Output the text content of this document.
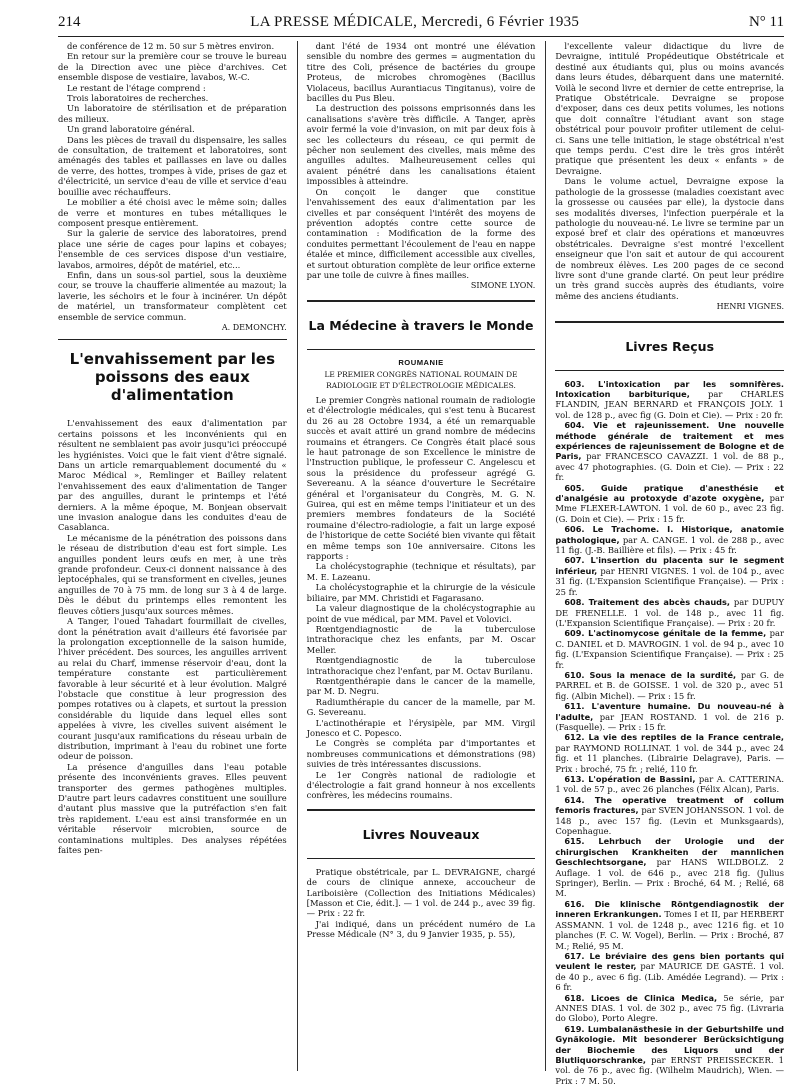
214	LA PRESSE MÉDICALE, Mercredi, 6 Février 1935	N° 11

de conférence de 12 m. 50 sur 5 mètres environ.

En retour sur la première cour se trouve le bureau de la Direction avec une pièce d'archives. Cet ensemble dispose de vestiaire, lavabos, W.-C.

Le restant de l'étage comprend :

Trois laboratoires de recherches.

Un laboratoire de stérilisation et de préparation des milieux.

Un grand laboratoire général.

Dans les pièces de travail du dispensaire, les salles de consultation, de traitement et laboratoires, sont aménagés des tables et paillasses en lave ou dalles de verre, des hottes, trompes à vide, prises de gaz et d'électricité, un service d'eau de ville et service d'eau bouillie avec réchauffeurs.

Le mobilier a été choisi avec le même soin; dalles de verre et montures en tubes métalliques le composent presque entièrement.

Sur la galerie de service des laboratoires, prend place une série de cages pour lapins et cobayes; l'ensemble de ces services dispose d'un vestiaire, lavabos, armoires, dépôt de matériel, etc...

Enfin, dans un sous-sol partiel, sous la deuxième cour, se trouve la chaufferie alimentée au mazout; la laverie, les séchoirs et le four à incinérer. Un dépôt de matériel, un transformateur complètent cet ensemble de service commun.

A. DEMONCHY.
L'envahissement par les poissons des eaux d'alimentation

L'envahissement des eaux d'alimentation par certains poissons et les inconvénients qui en résultent ne semblaient pas avoir jusqu'ici préoccupé les hygiénistes. Voici que le fait vient d'être signalé. Dans un article remarquablement documenté du « Maroc Médical », Remlinger et Bailley relatent l'envahissement des eaux d'alimentation de Tanger par des anguilles, durant le printemps et l'été derniers. A la même époque, M. Bonjean observait une invasion analogue dans les conduites d'eau de Casablanca.

Le mécanisme de la pénétration des poissons dans le réseau de distribution d'eau est fort simple. Les anguilles pondent leurs œufs en mer, à une très grande profondeur. Ceux-ci donnent naissance à des leptocéphales, qui se transforment en civelles, jeunes anguilles de 70 à 75 mm. de long sur 3 à 4 de large. Dès le début du printemps elles remontent les fleuves côtiers jusqu'aux sources mêmes.

A Tanger, l'oued Tahadart fourmillait de civelles, dont la pénétration avait d'ailleurs été favorisée par la prolongation exceptionnelle de la saison humide, l'hiver précédent. Des sources, les anguilles arrivent au relai du Charf, immense réservoir d'eau, dont la température constante est particulièrement favorable à leur sécurité et à leur évolution. Malgré l'obstacle que constitue à leur progression des pompes rotatives ou à clapets, et surtout la pression considérable du liquide dans lequel elles sont appelées à vivre, les civelles suivent aisément le courant jusqu'aux ramifications du réseau urbain de distribution, imprimant à l'eau du robinet une forte odeur de poisson.

La présence d'anguilles dans l'eau potable présente des inconvénients graves. Elles peuvent transporter des germes pathogènes multiples. D'autre part leurs cadavres constituent une souillure d'autant plus massive que la putréfaction s'en fait très rapidement. L'eau est ainsi transformée en un véritable réservoir microbien, source de contaminations multiples. Des analyses répétées faites pen-

dant l'été de 1934 ont montré une élévation sensible du nombre des germes = augmentation du titre des Coli, présence de bactéries du groupe Proteus, de microbes chromogènes (Bacillus Violaceus, bacillus Aurantiacus Tingitanus), voire de bacilles du Pus Bleu.

La destruction des poissons emprisonnés dans les canalisations s'avère très difficile. A Tanger, après avoir fermé la voie d'invasion, on mit par deux fois à sec les collecteurs du réseau, ce qui permit de pêcher non seulement des civelles, mais même des anguilles adultes. Malheureusement celles qui avaient pénétré dans les canalisations étaient impossibles à atteindre.

On conçoit le danger que constitue l'envahissement des eaux d'alimentation par les civelles et par conséquent l'intérêt des moyens de prévention adoptés contre cette source de contamination : Modification de la forme des conduites permettant l'écoulement de l'eau en nappe étalée et mince, difficilement accessible aux civelles, et surtout obturation complète de leur orifice externe par une toile de cuivre à fines mailles.

SIMONE LYON.
La Médecine à travers le Monde
ROUMANIE
LE PREMIER CONGRÈS NATIONAL ROUMAIN DE RADIOLOGIE ET D'ÉLECTROLOGIE MÉDICALES.

Le premier Congrès national roumain de radiologie et d'électrologie médicales, qui s'est tenu à Bucarest du 26 au 28 Octobre 1934, a été un remarquable succès et avait attiré un grand nombre de médecins roumains et étrangers. Ce Congrès était placé sous le haut patronage de son Excellence le ministre de l'Instruction publique, le professeur C. Angelescu et sous la présidence du professeur agrégé G. Severeanu. A la séance d'ouverture le Secrétaire général et l'organisateur du Congrès, M. G. N. Guirea, qui est en même temps l'initiateur et un des premiers membres fondateurs de la Société roumaine d'électro-radiologie, a fait un large exposé de l'historique de cette Société bien vivante qui fêtait en même temps son 10e anniversaire. Citons les rapports :

La cholécystographie (technique et résultats), par M. E. Lazeanu.

La cholécystographie et la chirurgie de la vésicule biliaire, par MM. Christidi et Fagarasano.

La valeur diagnostique de la cholécystographie au point de vue médical, par MM. Pavel et Volovici.

Rœntgendiagnostic de la tuberculose intrathoracique chez les enfants, par M. Oscar Meller.

Rœntgendiagnostic de la tuberculose intrathoracique chez l'enfant, par M. Octav Burilanu.

Rœntgenthérapie dans le cancer de la mamelle, par M. D. Negru.

Radiumthérapie du cancer de la mamelle, par M. G. Severeanu.

L'actinothérapie et l'érysipèle, par MM. Virgil Jonesco et C. Popesco.

Le Congrès se compléta par d'importantes et nombreuses communications et démonstrations (98) suivies de très intéressantes discussions.

Le 1er Congrès national de radiologie et d'électrologie a fait grand honneur à nos excellents confrères, les médecins roumains.

Livres Nouveaux

Pratique obstétricale, par L. DEVRAIGNE, chargé de cours de clinique annexe, accoucheur de Lariboisière (Collection des Initiations Médicales) [Masson et Cie, édit.]. — 1 vol. de 244 p., avec 39 fig. — Prix : 22 fr.

J'ai indiqué, dans un précédent numéro de La Presse Médicale (N° 3, du 9 Janvier 1935, p. 55),

l'excellente valeur didactique du livre de Devraigne, intitulé Propédeutique Obstétricale et destiné aux étudiants qui, plus ou moins avancés dans leurs études, débarquent dans une maternité. Voilà le second livre et dernier de cette entreprise, la Pratique Obstétricale. Devraigne se propose d'exposer, dans ces deux petits volumes, les notions que doit connaître l'étudiant avant son stage obstétrical pour pouvoir profiter utilement de celui-ci. Sans une telle initiation, le stage obstétrical n'est que temps perdu. C'est dire le très gros intérêt pratique que présentent les deux « enfants » de Devraigne.

Dans le volume actuel, Devraigne expose la pathologie de la grossesse (maladies coexistant avec la grossesse ou causées par elle), la dystocie dans ses modalités diverses, l'infection puerpérale et la pathologie du nouveau-né. Le livre se termine par un exposé bref et clair des opérations et manœuvres obstétricales. Devraigne s'est montré l'excellent enseigneur que l'on sait et autour de qui accourent de nombreux élèves. Les 200 pages de ce second livre sont d'une grande clarté. On peut leur prédire un très grand succès auprès des étudiants, voire même des anciens étudiants.

HENRI VIGNES.
Livres Reçus

603. L'intoxication par les somnifères. Intoxication barbiturique, par CHARLES FLANDIN, JEAN BERNARD et FRANÇOIS JOLY. 1 vol. de 128 p., avec fig (G. Doin et Cie). — Prix : 20 fr.

604. Vie et rajeunissement. Une nouvelle méthode générale de traitement et mes expériences de rajeunissement de Bologne et de Paris, par FRANCESCO CAVAZZI. 1 vol. de 88 p., avec 47 photographies. (G. Doin et Cie). — Prix : 22 fr.

605. Guide pratique d'anesthésie et d'analgésie au protoxyde d'azote oxygène, par Mme FLEXER-LAWTON. 1 vol. de 60 p., avec 23 fig. (G. Doin et Cie). — Prix : 15 fr.

606. Le Trachome. I. Historique, anatomie pathologique, par A. CANGE. 1 vol. de 288 p., avec 11 fig. (J.-B. Baillière et fils). — Prix : 45 fr.

607. L'insertion du placenta sur le segment inférieur, par HENRI VIGNES. 1 vol. de 104 p., avec 31 fig. (L'Expansion Scientifique Française). — Prix : 25 fr.

608. Traitement des abcès chauds, par DUPUY DE FRENELLE. 1 vol. de 148 p., avec 11 fig. (L'Expansion Scientifique Française). — Prix : 20 fr.

609. L'actinomycose génitale de la femme, par C. DANIEL et D. MAVROGIN. 1 vol. de 94 p., avec 10 fig. (L'Expansion Scientifique Française). — Prix : 25 fr.

610. Sous la menace de la surdité, par G. de PARREL et B. de GOISSE. 1 vol. de 320 p., avec 51 fig. (Albin Michel). — Prix : 15 fr.

611. L'aventure humaine. Du nouveau-né à l'adulte, par JEAN ROSTAND. 1 vol. de 216 p. (Fasquelle). — Prix : 15 fr.

612. La vie des reptiles de la France centrale, par RAYMOND ROLLINAT. 1 vol. de 344 p., avec 24 fig. et 11 planches. (Librairie Delagrave), Paris. — Prix : broché, 75 fr. ; relié, 110 fr.

613. L'opération de Bassini, par A. CATTERINA. 1 vol. de 57 p., avec 26 planches (Félix Alcan), Paris.

614. The operative treatment of collum femoris fractures, par SVEN JOHANSSON. 1 vol. de 148 p., avec 157 fig. (Levin et Munksgaards), Copenhague.

615. Lehrbuch der Urologie und der chirurgischen Krankheiten der mannlichen Geschlechtsorgane, par HANS WILDBOLZ. 2 Auflage. 1 vol. de 646 p., avec 218 fig. (Julius Springer), Berlin. — Prix : Broché, 64 M. ; Relié, 68 M.

616. Die klinische Röntgendiagnostik der inneren Erkrankungen. Tomes I et II, par HERBERT ASSMANN. 1 vol. de 1248 p., avec 1216 fig. et 10 planches (F. C. W. Vogel), Berlin. — Prix : Broché, 87 M.; Relié, 95 M.

617. Le bréviaire des gens bien portants qui veulent le rester, par MAURICE DE GASTÉ. 1 vol. de 40 p., avec 6 fig. (Lib. Amédée Legrand). — Prix : 6 fr.

618. Licoes de Clinica Medica, 5e série, par ANNES DIAS. 1 vol. de 302 p., avec 75 fig. (Livraria do Globo), Porto Alegre.

619. Lumbalanästhesie in der Geburtshilfe und Gynäkologie. Mit besonderer Berücksichtigung der Biochemie des Liquors und der Blutliquorschranke, par ERNST PREISSECKER. 1 vol. de 76 p., avec fig. (Wilhelm Maudrich), Wien. — Prix : 7 M. 50.
